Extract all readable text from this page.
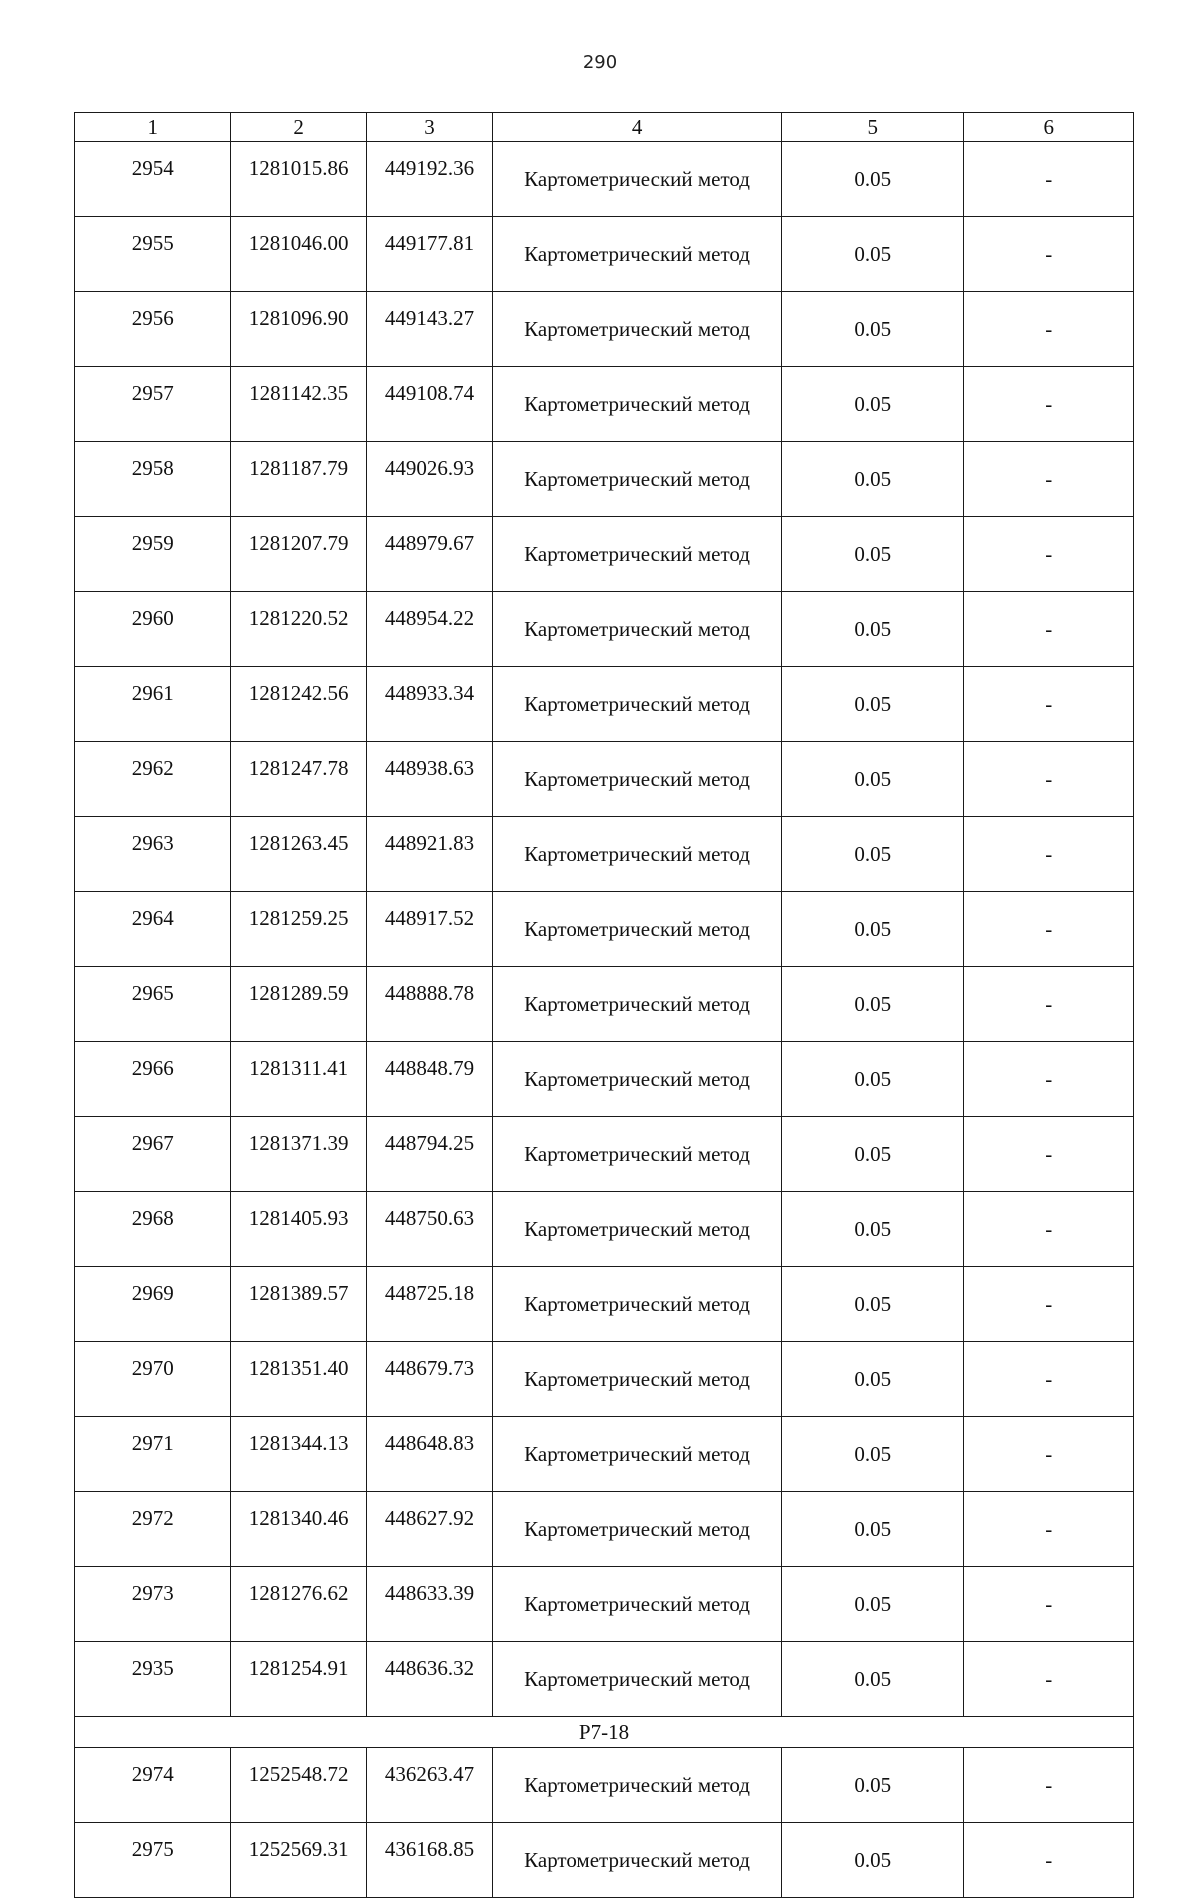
290
1	2	3	4	5	6
2954	1281015.86	449192.36	Картометрический метод	0.05	-
2955	1281046.00	449177.81	Картометрический метод	0.05	-
2956	1281096.90	449143.27	Картометрический метод	0.05	-
2957	1281142.35	449108.74	Картометрический метод	0.05	-
2958	1281187.79	449026.93	Картометрический метод	0.05	-
2959	1281207.79	448979.67	Картометрический метод	0.05	-
2960	1281220.52	448954.22	Картометрический метод	0.05	-
2961	1281242.56	448933.34	Картометрический метод	0.05	-
2962	1281247.78	448938.63	Картометрический метод	0.05	-
2963	1281263.45	448921.83	Картометрический метод	0.05	-
2964	1281259.25	448917.52	Картометрический метод	0.05	-
2965	1281289.59	448888.78	Картометрический метод	0.05	-
2966	1281311.41	448848.79	Картометрический метод	0.05	-
2967	1281371.39	448794.25	Картометрический метод	0.05	-
2968	1281405.93	448750.63	Картометрический метод	0.05	-
2969	1281389.57	448725.18	Картометрический метод	0.05	-
2970	1281351.40	448679.73	Картометрический метод	0.05	-
2971	1281344.13	448648.83	Картометрический метод	0.05	-
2972	1281340.46	448627.92	Картометрический метод	0.05	-
2973	1281276.62	448633.39	Картометрический метод	0.05	-
2935	1281254.91	448636.32	Картометрический метод	0.05	-
Р7-18					
2974	1252548.72	436263.47	Картометрический метод	0.05	-
2975	1252569.31	436168.85	Картометрический метод	0.05	-
